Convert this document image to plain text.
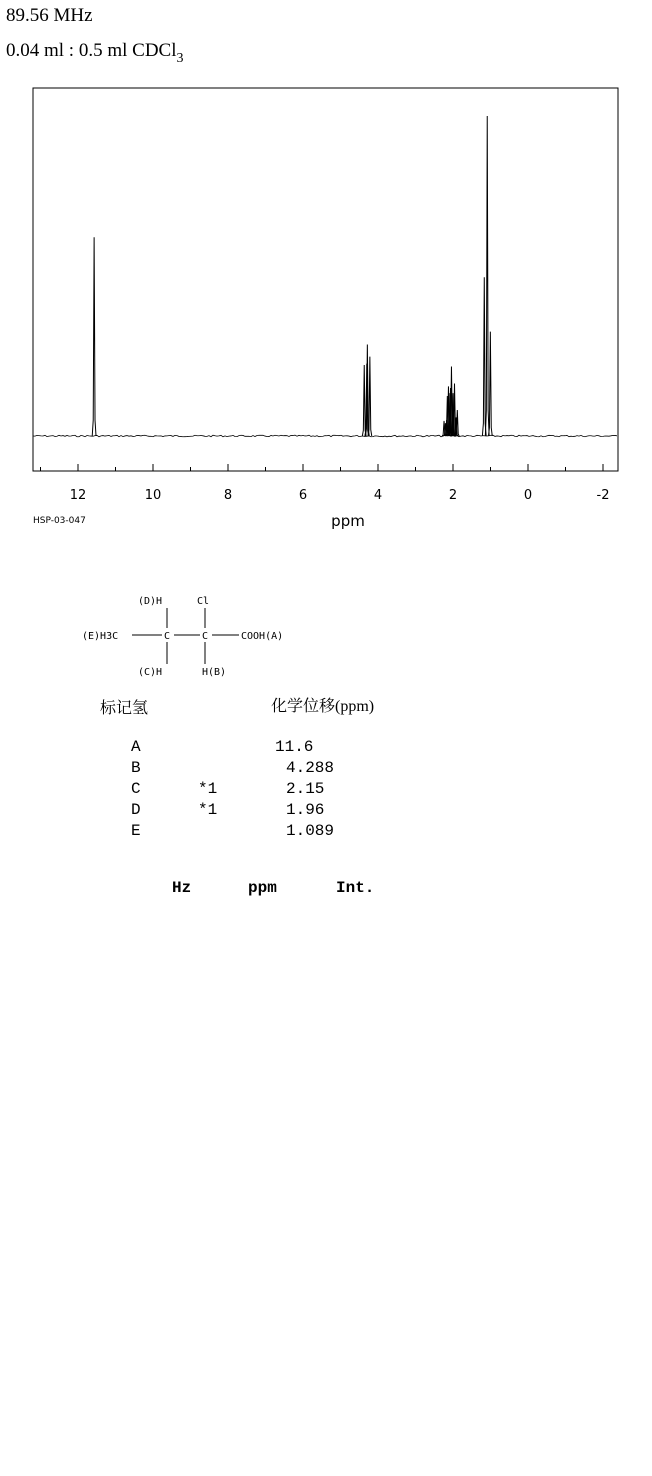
89.56 MHz
0.04 ml : 0.5 ml CDCl$_3$
12	10	8	6	4	2	0	-2
ppm
HSP-03-047
(D)H	Cl
(E)H3C	C	C	COOH(A)
(C)H	H(B)
标记氢	化学位移(ppm)
A	11.6
B	4.288
C	*1	2.15
D	*1	1.96
E	1.089
Hz	ppm	Int.
